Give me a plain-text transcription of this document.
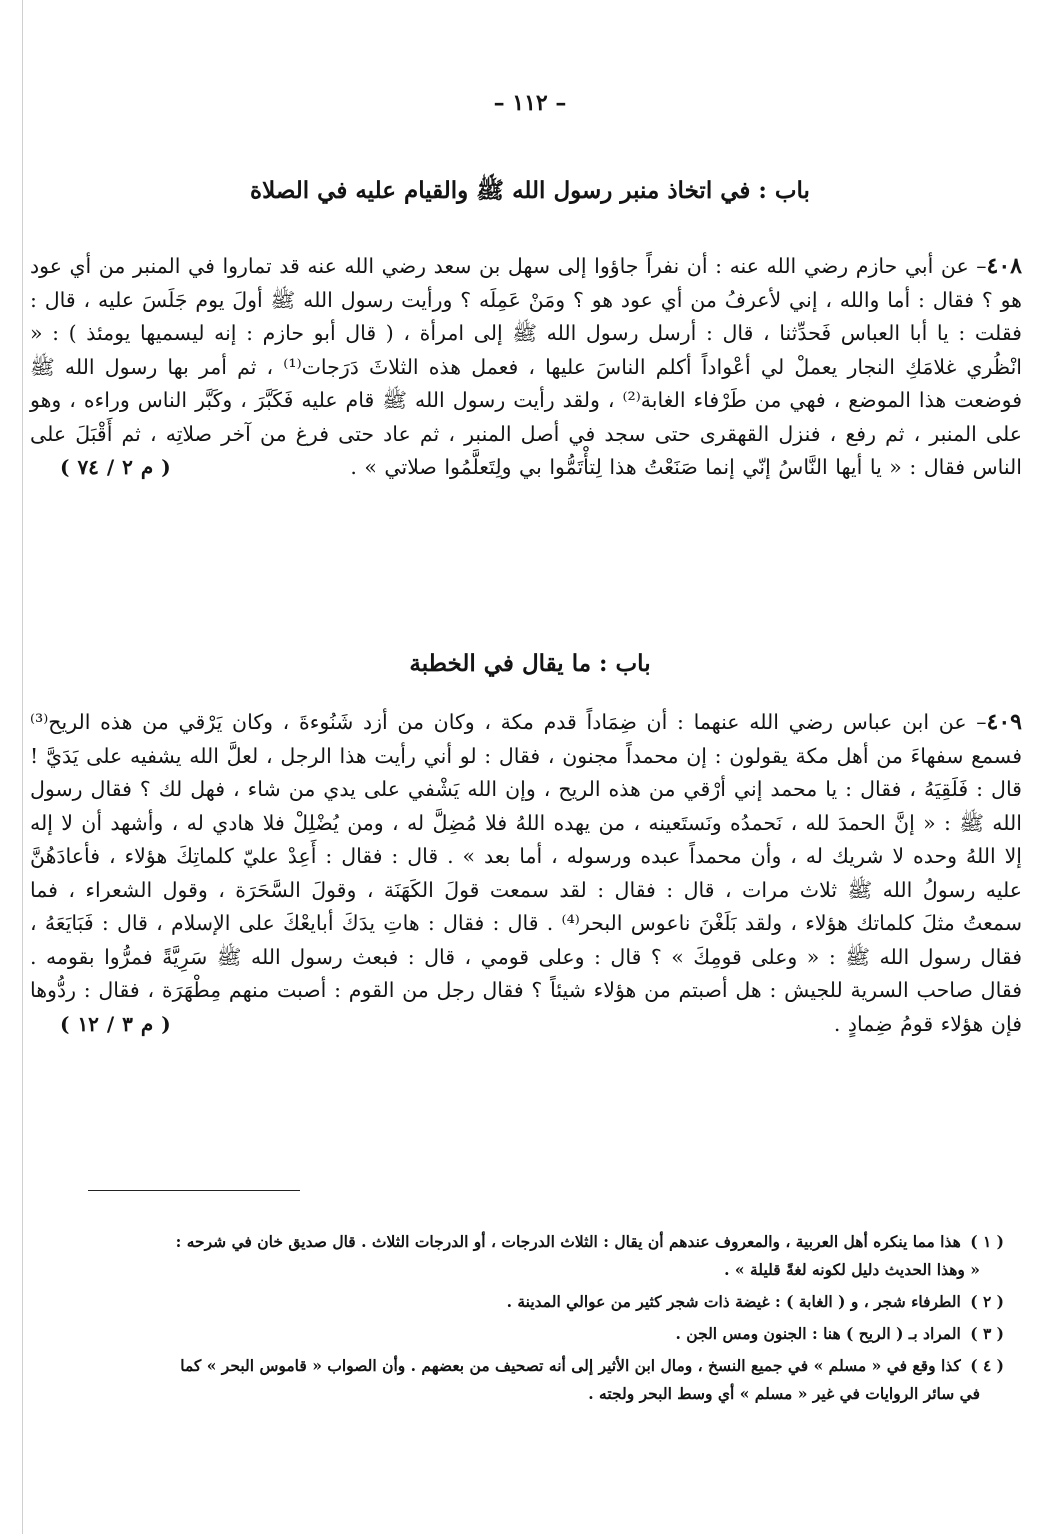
– ١١٢ –
باب : في اتخاذ منبر رسول الله ﷺ والقيام عليه في الصلاة
٤٠٨– عن أبي حازم رضي الله عنه : أن نفراً جاؤوا إلى سهل بن سعد رضي الله عنه قد تماروا في المنبر من أي عود هو ؟ فقال : أما والله ، إني لأعرفُ من أي عود هو ؟ ومَنْ عَمِلَه ؟ ورأيت رسول الله ﷺ أولَ يوم جَلَسَ عليه ، قال : فقلت : يا أبا العباس فَحدِّثنا ، قال : أرسل رسول الله ﷺ إلى امرأة ، ( قال أبو حازم : إنه ليسميها يومئذ ) : « انْظُري غلامَكِ النجار يعملْ لي أعْواداً أكلم الناسَ عليها ، فعمل هذه الثلاثَ دَرَجات⁽¹⁾ ، ثم أمر بها رسول الله ﷺ فوضعت هذا الموضع ، فهي من طَرْفاء الغابة⁽²⁾ ، ولقد رأيت رسول الله ﷺ قام عليه فَكَبَّرَ ، وكَبَّر الناس وراءه ، وهو على المنبر ، ثم رفع ، فنزل القهقرى حتى سجد في أصل المنبر ، ثم عاد حتى فرغ من آخر صلاتِه ، ثم أَقْبَلَ على الناس فقال : « يا أيها النَّاسُ إنّي إنما صَنَعْتُ هذا لِتأْتَمُّوا بي ولِتَعلَّمُوا صلاتي » .
( م ٢ / ٧٤ )
باب : ما يقال في الخطبة
٤٠٩– عن ابن عباس رضي الله عنهما : أن ضِمَاداً قدم مكة ، وكان من أزد شَنُوءةَ ، وكان يَرْقي من هذه الريح⁽³⁾ فسمع سفهاءَ من أهل مكة يقولون : إن محمداً مجنون ، فقال : لو أني رأيت هذا الرجل ، لعلَّ الله يشفيه على يَدَيَّ ! قال : فَلَقِيَهُ ، فقال : يا محمد إني أرْقي من هذه الريح ، وإن الله يَشْفي على يدي من شاء ، فهل لك ؟ فقال رسول الله ﷺ : « إنَّ الحمدَ لله ، نَحمدُه ونَستَعينه ، من يهده اللهُ فلا مُضِلَّ له ، ومن يُضْلِلْ فلا هادي له ، وأشهد أن لا إله إلا اللهُ وحده لا شريك له ، وأن محمداً عبده ورسوله ، أما بعد » . قال : فقال : أَعِدْ عليّ كلماتِكَ هؤلاء ، فأعادَهُنَّ عليه رسولُ الله ﷺ ثلاث مرات ، قال : فقال : لقد سمعت قولَ الكَهَنَة ، وقولَ السَّحَرَة ، وقول الشعراء ، فما سمعتُ مثلَ كلماتك هؤلاء ، ولقد بَلَغْنَ ناعوس البحر⁽⁴⁾ . قال : فقال : هاتِ يدَكَ أبايعْكَ على الإسلام ، قال : فَبَايَعَهُ ، فقال رسول الله ﷺ : « وعلى قومِكَ » ؟ قال : وعلى قومي ، قال : فبعث رسول الله ﷺ سَرِيَّةً فمرُّوا بقومه . فقال صاحب السرية للجيش : هل أصبتم من هؤلاء شيئاً ؟ فقال رجل من القوم : أصبت منهم مِطْهَرَة ، فقال : ردُّوها فإن هؤلاء قومُ ضِمادٍ .
( م ٣ / ١٢ )

( ١ ) هذا مما ينكره أهل العربية ، والمعروف عندهم أن يقال : الثلاث الدرجات ، أو الدرجات الثلاث . قال صديق خان في شرحه :
« وهذا الحديث دليل لكونه لغةً قليلة » .

( ٢ ) الطرفاء شجر ، و ( الغابة ) : غيضة ذات شجر كثير من عوالي المدينة .

( ٣ ) المراد بـ ( الريح ) هنا : الجنون ومس الجن .

( ٤ ) كذا وقع في « مسلم » في جميع النسخ ، ومال ابن الأثير إلى أنه تصحيف من بعضهم . وأن الصواب « قاموس البحر » كما
في سائر الروايات في غير « مسلم » أي وسط البحر ولجته .
